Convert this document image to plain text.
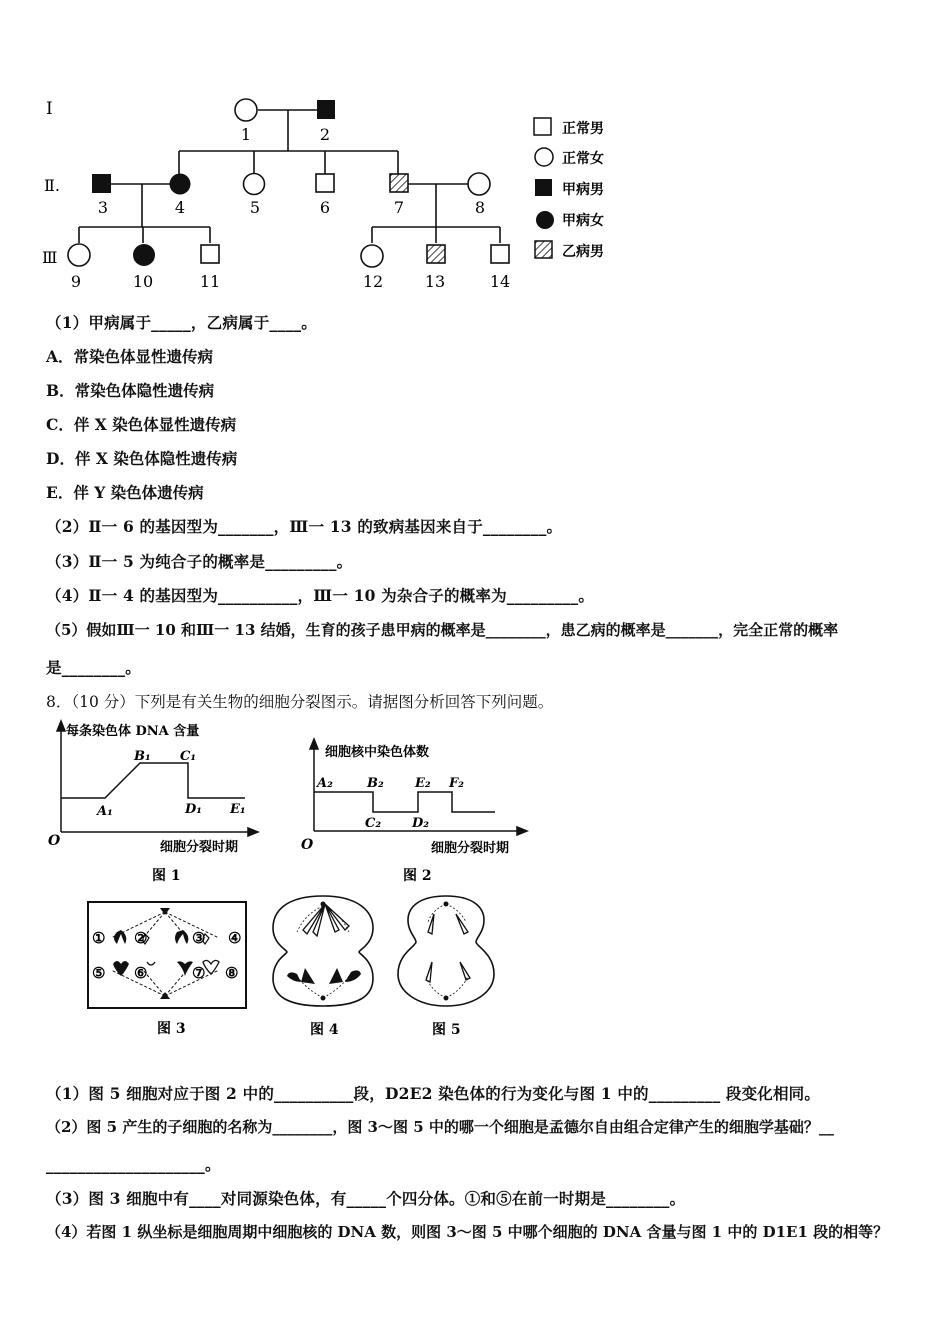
I
Ⅱ.
Ⅲ
1	2
3	4	5	6	7	8
9	10	11	12	13	14
正常男
正常女
甲病男
甲病女
乙病男
（1）甲病属于_____，乙病属于____。
A．常染色体显性遗传病
B．常染色体隐性遗传病
C．伴 X 染色体显性遗传病
D．伴 X 染色体隐性遗传病
E．伴 Y 染色体遗传病
（2）Ⅱ一 6 的基因型为_______，Ⅲ一 13 的致病基因来自于________。
（3）Ⅱ一 5 为纯合子的概率是_________。
（4）Ⅱ一 4 的基因型为__________，Ⅲ一 10 为杂合子的概率为_________。
（5）假如Ⅲ一 10 和Ⅲ一 13 结婚，生育的孩子患甲病的概率是________，患乙病的概率是_______，完全正常的概率
是________。
8．（10 分）下列是有关生物的细胞分裂图示。请据图分析回答下列问题。
每条染色体 DNA 含量
O	细胞分裂时期
A₁
B₁ C₁
D₁ E₁
图 1
细胞核中染色体数
O	细胞分裂时期
A₂	B₂
C₂ D₂
E₂ F₂
图 2
① ②	③ ④
⑤ ⑥	⑦ ⑧
图 3	图 4	图 5
（1）图 5 细胞对应于图 2 中的__________段，D2E2 染色体的行为变化与图 1 中的_________ 段变化相同。
（2）图 5 产生的子细胞的名称为________，图 3～图 5 中的哪一个细胞是孟德尔自由组合定律产生的细胞学基础？__
____________________。
（3）图 3 细胞中有____对同源染色体，有_____个四分体。①和⑤在前一时期是________。
（4）若图 1 纵坐标是细胞周期中细胞核的 DNA 数，则图 3～图 5 中哪个细胞的 DNA 含量与图 1 中的 D1E1 段的相等？
